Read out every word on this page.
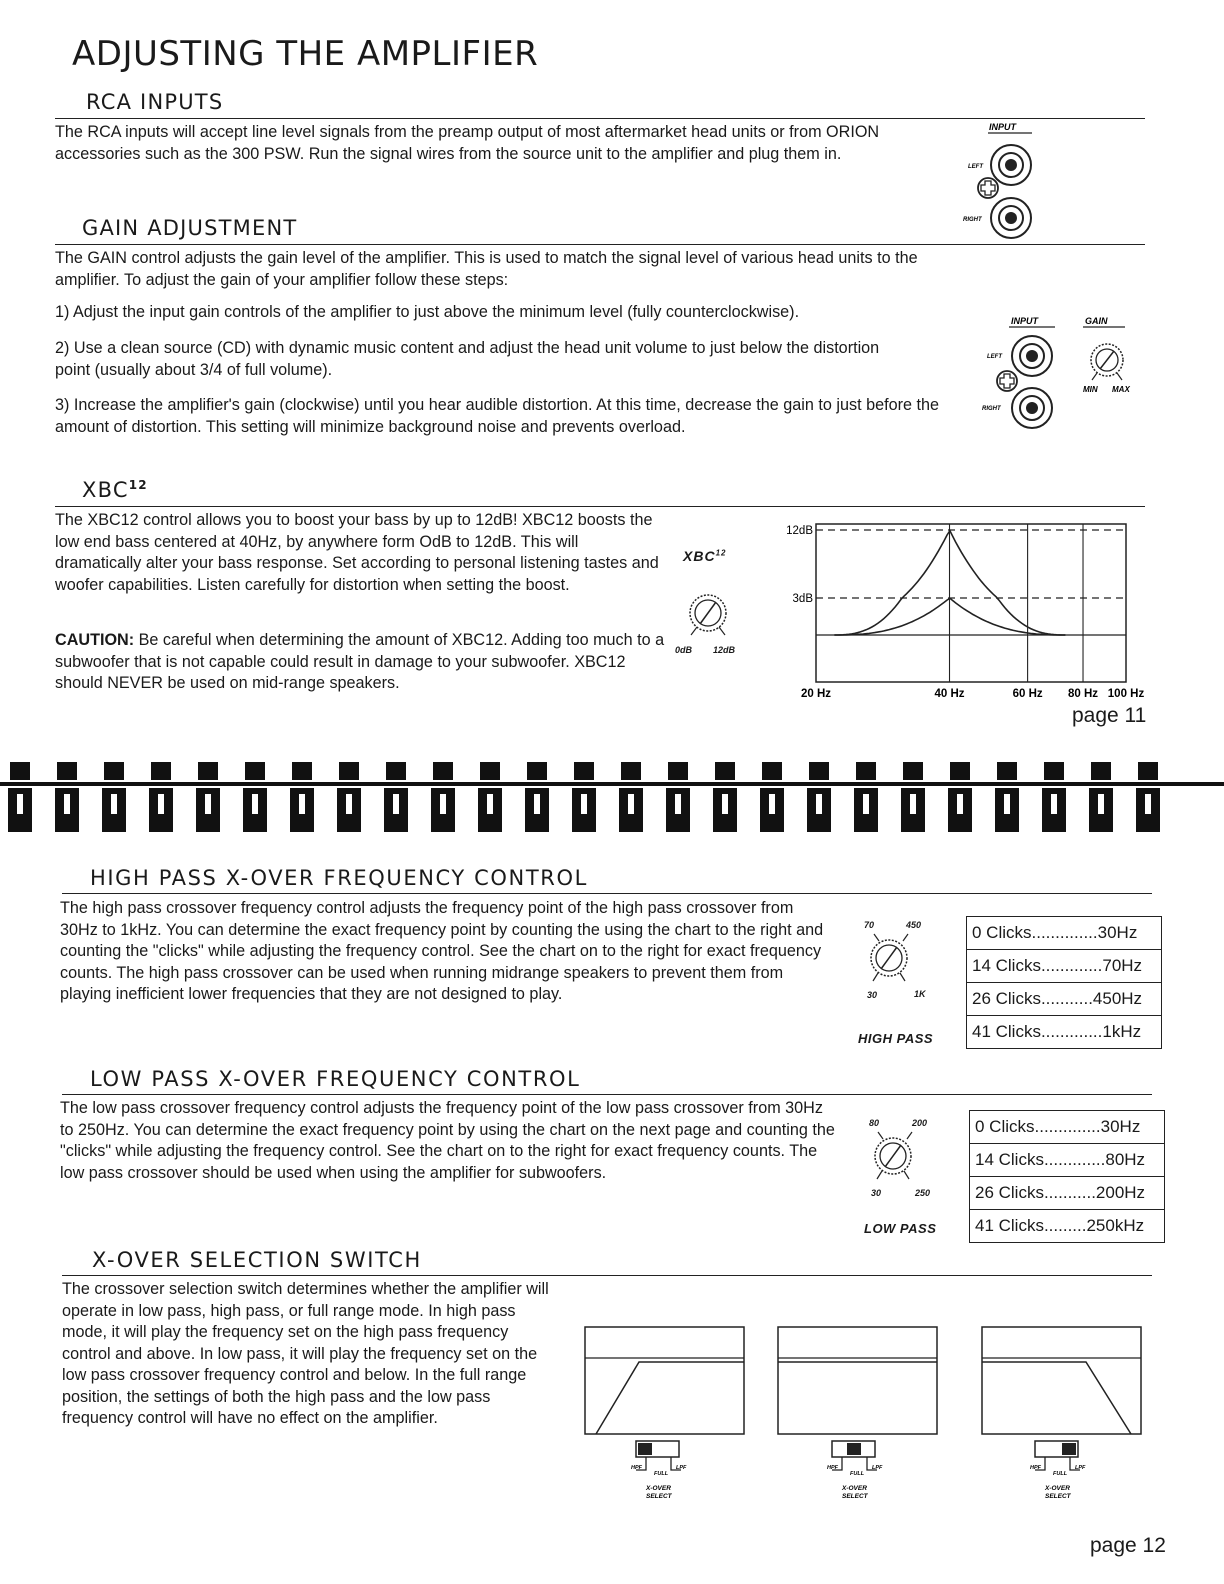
ADJUSTING THE AMPLIFIER
RCA INPUTS
The RCA inputs will accept line level signals from the preamp output of most aftermarket head units or from ORION accessories such as the 300 PSW. Run the signal wires from the source unit to the amplifier and plug them in.
INPUT
LEFT
RIGHT
GAIN ADJUSTMENT
The GAIN control adjusts the gain level of the amplifier. This is used to match the signal level of various head units to the amplifier. To adjust the gain of your amplifier follow these steps:
1) Adjust the input gain controls of the amplifier to just above the minimum level (fully counterclockwise).
2) Use a clean source (CD) with dynamic music content and adjust the head unit volume to just below the distortion point (usually about 3/4 of full volume).
3) Increase the amplifier's gain (clockwise) until you hear audible distortion. At this time, decrease the gain to just before the amount of distortion. This setting will minimize background noise and prevents overload.
INPUT	GAIN
LEFT
RIGHT
MIN MAX
XBC$^{12}$
The XBC12 control allows you to boost your bass by up to 12dB! XBC12 boosts the low end bass centered at 40Hz, by anywhere form OdB to 12dB. This will dramatically alter your bass response. Set according to personal listening tastes and woofer capabilities. Listen carefully for distortion when setting the boost.
CAUTION: Be careful when determining the amount of XBC12. Adding too much to a subwoofer that is not capable could result in damage to your subwoofer. XBC12 should NEVER be used on mid-range speakers.
XBC$^{12}$
0dB 12dB
12dB
3dB
20 Hz	40 Hz	60 Hz 80 Hz 100 Hz
page 11
HIGH PASS X-OVER FREQUENCY CONTROL
The high pass crossover frequency control adjusts the frequency point of the high pass crossover from 30Hz to 1kHz. You can determine the exact frequency point by counting the using the chart to the right and counting the "clicks" while adjusting the frequency control. See the chart on to the right for exact frequency counts. The high pass crossover can be used when running midrange speakers to prevent them from playing inefficient lower frequencies that they are not designed to play.
70	450
30	1K
HIGH PASS
0 Clicks..............30Hz
14 Clicks.............70Hz
26 Clicks...........450Hz
41 Clicks.............1kHz
LOW PASS X-OVER FREQUENCY CONTROL
The low pass crossover frequency control adjusts the frequency point of the low pass crossover from 30Hz to 250Hz. You can determine the exact frequency point by using the chart on the next page and counting the "clicks" while adjusting the frequency control. See the chart on to the right for exact frequency counts. The low pass crossover should be used when using the amplifier for subwoofers.
80	200
30	250
LOW PASS
0 Clicks..............30Hz
14 Clicks.............80Hz
26 Clicks...........200Hz
41 Clicks.........250kHz
X-OVER SELECTION SWITCH
The crossover selection switch determines whether the amplifier will operate in low pass, high pass, or full range mode. In high pass mode, it will play the frequency set on the high pass frequency control and above. In low pass, it will play the frequency set on the low pass crossover frequency control and below. In the full range position, the settings of both the high pass and the low pass frequency control will have no effect on the amplifier.
HPF
FULL
LPF
X-OVER
SELECT
HPF
FULL
LPF
X-OVER
SELECT
HPF
FULL
LPF
X-OVER
SELECT
page 12
